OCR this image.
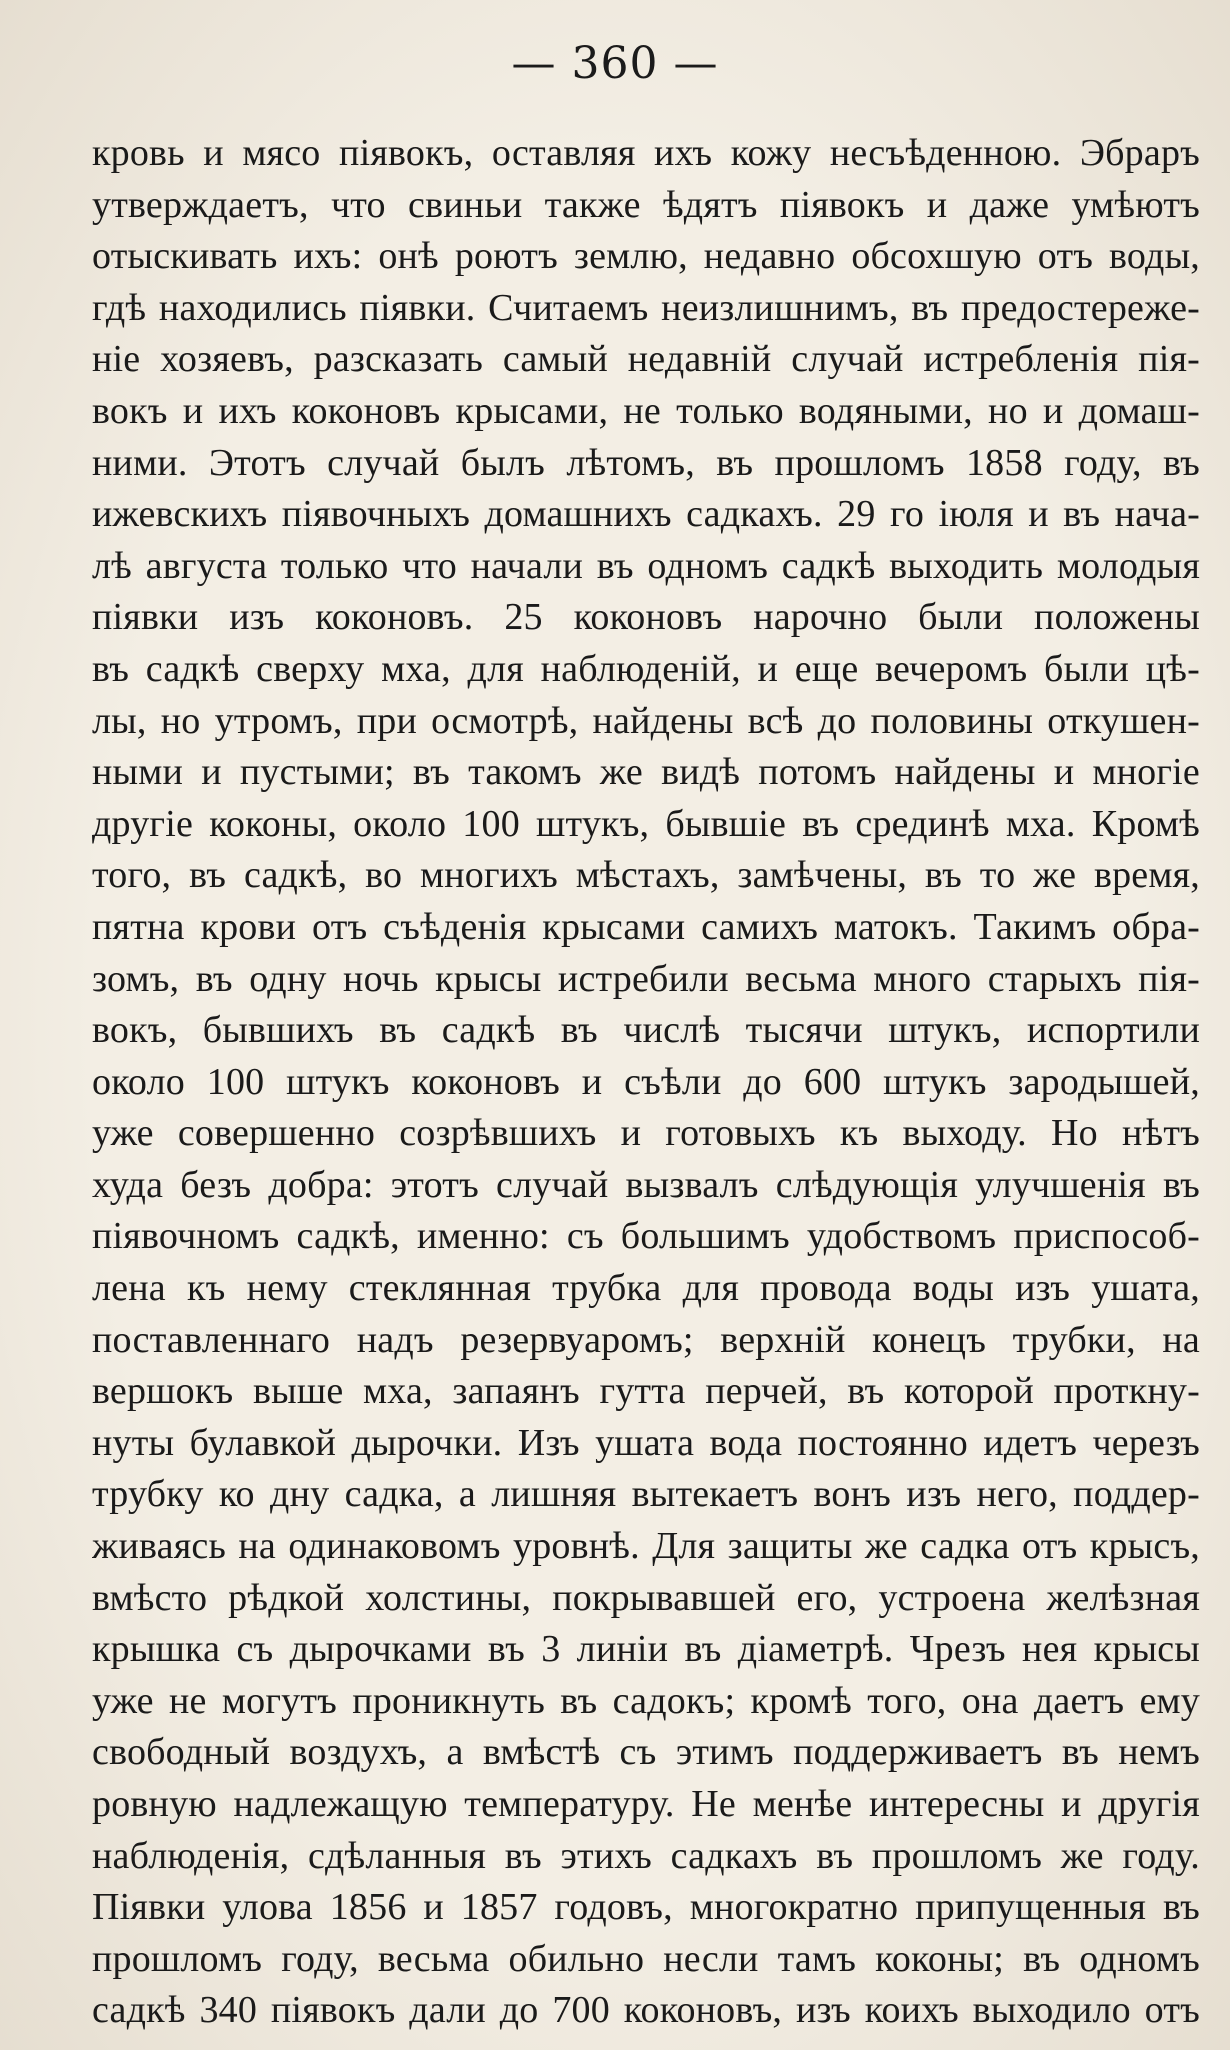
— 360 —
кровь и мясо піявокъ, оставляя ихъ кожу несъѣденною. Эбраръ
утверждаетъ, что свиньи также ѣдятъ піявокъ и даже умѣютъ
отыскивать ихъ: онѣ роютъ землю, недавно обсохшую отъ воды,
гдѣ находились піявки. Считаемъ неизлишнимъ, въ предостереже-
ніе хозяевъ, разсказать самый недавній случай истребленія пія-
вокъ и ихъ коконовъ крысами, не только водяными, но и домаш-
ними. Этотъ случай былъ лѣтомъ, въ прошломъ 1858 году, въ
ижевскихъ піявочныхъ домашнихъ садкахъ. 29 го іюля и въ нача-
лѣ августа только что начали въ одномъ садкѣ выходить молодыя
піявки изъ коконовъ. 25 коконовъ нарочно были положены
въ садкѣ сверху мха, для наблюденій, и еще вечеромъ были цѣ-
лы, но утромъ, при осмотрѣ, найдены всѣ до половины откушен-
ными и пустыми; въ такомъ же видѣ потомъ найдены и многіе
другіе коконы, около 100 штукъ, бывшіе въ срединѣ мха. Кромѣ
того, въ садкѣ, во многихъ мѣстахъ, замѣчены, въ то же время,
пятна крови отъ съѣденія крысами самихъ матокъ. Такимъ обра-
зомъ, въ одну ночь крысы истребили весьма много старыхъ пія-
вокъ, бывшихъ въ садкѣ въ числѣ тысячи штукъ, испортили
около 100 штукъ коконовъ и съѣли до 600 штукъ зародышей,
уже совершенно созрѣвшихъ и готовыхъ къ выходу. Но нѣтъ
худа безъ добра: этотъ случай вызвалъ слѣдующія улучшенія въ
піявочномъ садкѣ, именно: съ большимъ удобствомъ приспособ-
лена къ нему стеклянная трубка для провода воды изъ ушата,
поставленнаго надъ резервуаромъ; верхній конецъ трубки, на
вершокъ выше мха, запаянъ гутта перчей, въ которой проткну-
нуты булавкой дырочки. Изъ ушата вода постоянно идетъ черезъ
трубку ко дну садка, а лишняя вытекаетъ вонъ изъ него, поддер-
живаясь на одинаковомъ уровнѣ. Для защиты же садка отъ крысъ,
вмѣсто рѣдкой холстины, покрывавшей его, устроена желѣзная
крышка съ дырочками въ 3 линіи въ діаметрѣ. Чрезъ нея крысы
уже не могутъ проникнуть въ садокъ; кромѣ того, она даетъ ему
свободный воздухъ, а вмѣстѣ съ этимъ поддерживаетъ въ немъ
ровную надлежащую температуру. Не менѣе интересны и другія
наблюденія, сдѣланныя въ этихъ садкахъ въ прошломъ же году.
Піявки улова 1856 и 1857 годовъ, многократно припущенныя въ
прошломъ году, весьма обильно несли тамъ коконы; въ одномъ
садкѣ 340 піявокъ дали до 700 коконовъ, изъ коихъ выходило отъ
